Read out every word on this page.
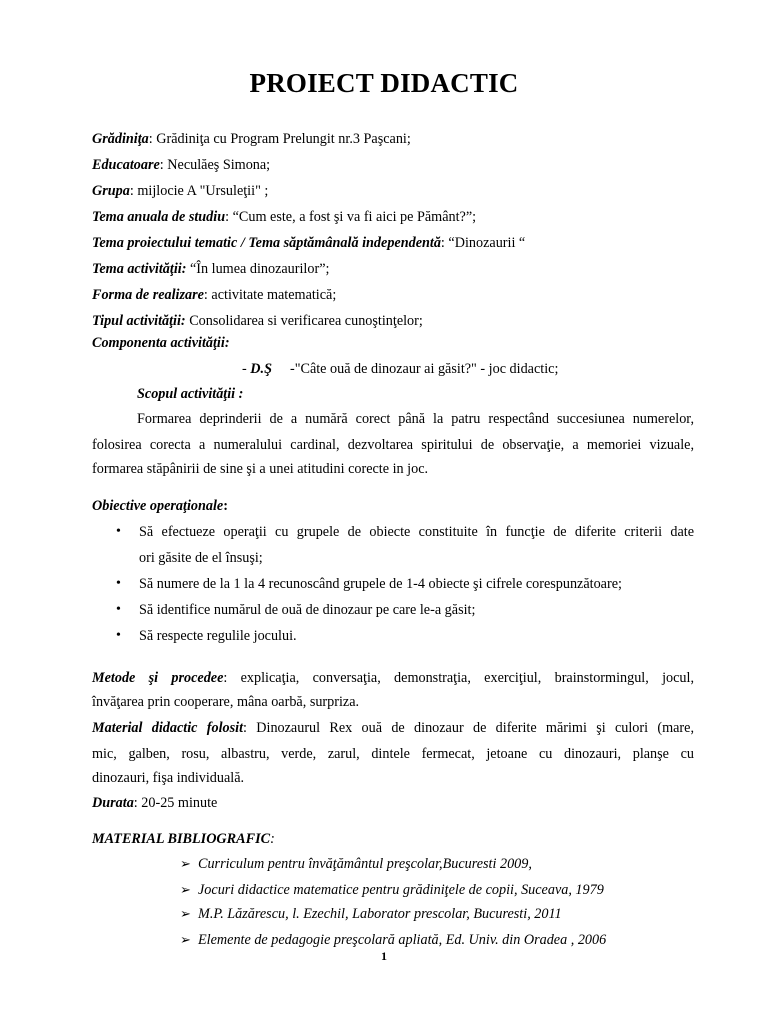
PROIECT DIDACTIC
Grădiniţa: Grădiniţa cu Program Prelungit nr.3 Paşcani;
Educatoare: Neculăeş Simona;
Grupa: mijlocie A "Ursuleţii" ;
Tema anuala de studiu: “Cum este, a fost şi va fi aici pe Pământ?”;
Tema proiectului tematic / Tema săptămânală independentă: “Dinozaurii “
Tema activităţii: “În lumea dinozaurilor”;
Forma de realizare: activitate matematică;
Tipul activităţii: Consolidarea si verificarea cunoştinţelor;
Componenta activităţii:
- D.Ş -"Câte ouă de dinozaur ai găsit?" - joc didactic;
Scopul activităţii :
Formarea deprinderii de a numără corect până la patru respectând succesiunea numerelor,
folosirea corecta a numeralului cardinal, dezvoltarea spiritului de observaţie, a memoriei vizuale,
formarea stăpânirii de sine şi a unei atitudini corecte in joc.
Obiective operaţionale:
• Să efectueze operaţii cu grupele de obiecte constituite în funcţie de diferite criterii date
ori găsite de el însuşi;
• Să numere de la 1 la 4 recunoscând grupele de 1-4 obiecte şi cifrele corespunzătoare;
• Să identifice numărul de ouă de dinozaur pe care le-a găsit;
• Să respecte regulile jocului.
Metode şi procedee: explicaţia, conversaţia, demonstraţia, exerciţiul, brainstormingul, jocul,
învăţarea prin cooperare, mâna oarbă, surpriza.
Material didactic folosit: Dinozaurul Rex ouă de dinozaur de diferite mărimi şi culori (mare,
mic, galben, rosu, albastru, verde, zarul, dintele fermecat, jetoane cu dinozauri, planşe cu
dinozauri, fişa individuală.
Durata: 20-25 minute
MATERIAL BIBLIOGRAFIC:
➢ Curriculum pentru învăţământul preşcolar,Bucuresti 2009,
➢ Jocuri didactice matematice pentru grădiniţele de copii, Suceava, 1979
➢ M.P. Lăzărescu, l. Ezechil, Laborator prescolar, Bucuresti, 2011
➢ Elemente de pedagogie preşcolară apliată, Ed. Univ. din Oradea , 2006
1
